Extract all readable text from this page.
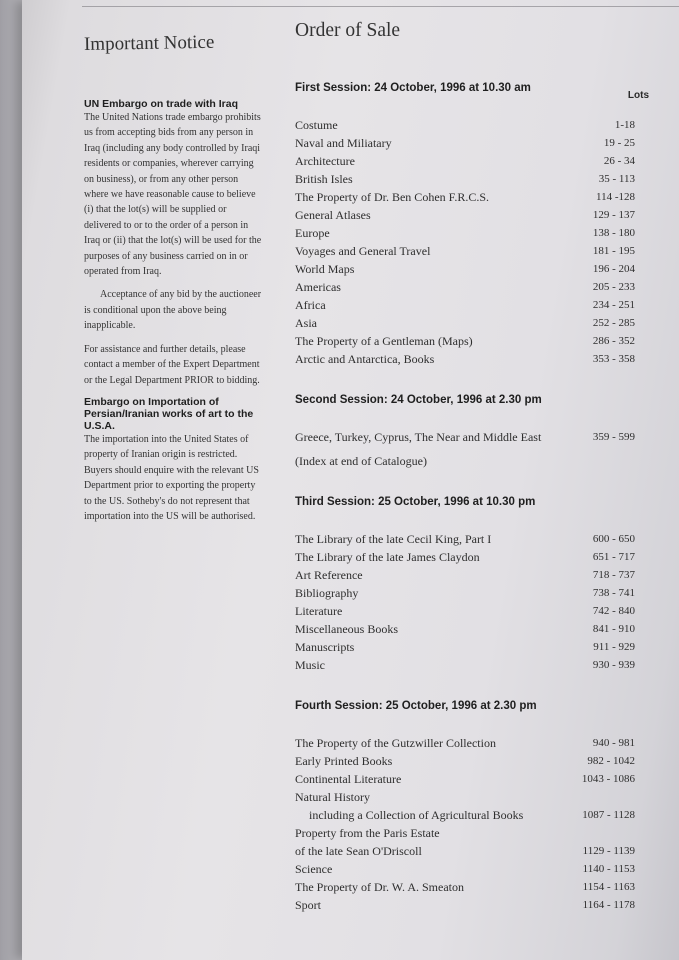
Important Notice
UN Embargo on trade with Iraq

The United Nations trade embargo prohibits us from accepting bids from any person in Iraq (including any body controlled by Iraqi residents or companies, wherever carrying on business), or from any other person where we have reasonable cause to believe (i) that the lot(s) will be supplied or delivered to or to the order of a person in Iraq or (ii) that the lot(s) will be used for the purposes of any business carried on in or operated from Iraq.

Acceptance of any bid by the auctioneer is conditional upon the above being inapplicable.

For assistance and further details, please contact a member of the Expert Department or the Legal Department PRIOR to bidding.

Embargo on Importation of Persian/Iranian works of art to the U.S.A.

The importation into the United States of property of Iranian origin is restricted. Buyers should enquire with the relevant US Department prior to exporting the property to the US. Sotheby's do not represent that importation into the US will be authorised.

Order of Sale
Lots
First Session: 24 October, 1996 at 10.30 am
Costume	1-18
Naval and Miliatary	19 - 25
Architecture	26 - 34
British Isles	35 - 113
The Property of Dr. Ben Cohen F.R.C.S.	114 -128
General Atlases	129 - 137
Europe	138 - 180
Voyages and General Travel	181 - 195
World Maps	196 - 204
Americas	205 - 233
Africa	234 - 251
Asia	252 - 285
The Property of a Gentleman (Maps)	286 - 352
Arctic and Antarctica, Books	353 - 358
Second Session: 24 October, 1996 at 2.30 pm
Greece, Turkey, Cyprus, The Near and Middle East	359 - 599
(Index at end of Catalogue)
Third Session: 25 October, 1996 at 10.30 pm
The Library of the late Cecil King, Part I	600 - 650
The Library of the late James Claydon	651 - 717
Art Reference	718 - 737
Bibliography	738 - 741
Literature	742 - 840
Miscellaneous Books	841 - 910
Manuscripts	911 - 929
Music	930 - 939
Fourth Session: 25 October, 1996 at 2.30 pm
The Property of the Gutzwiller Collection	940 - 981
Early Printed Books	982 - 1042
Continental Literature	1043 - 1086
Natural History
including a Collection of Agricultural Books	1087 - 1128
Property from the Paris Estate
of the late Sean O'Driscoll	1129 - 1139
Science	1140 - 1153
The Property of Dr. W. A. Smeaton	1154 - 1163
Sport	1164 - 1178
